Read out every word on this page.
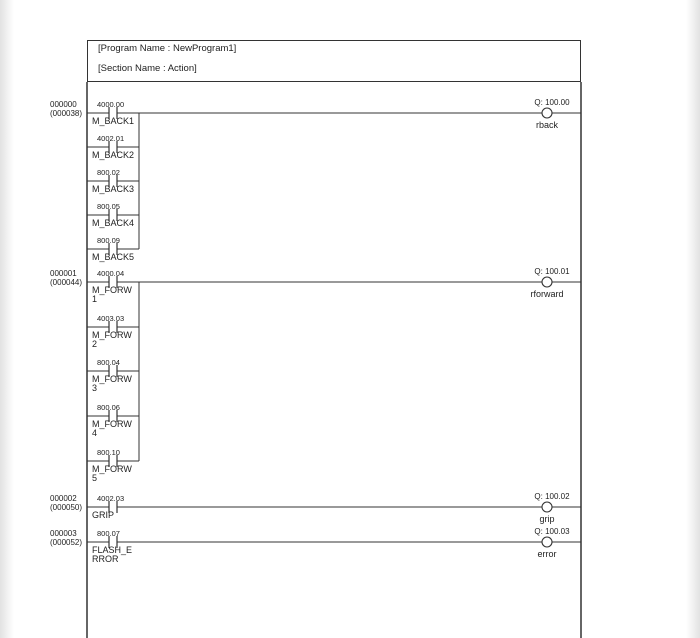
[Program Name : NewProgram1]
[Section Name : Action]
000000
(000038)
4000.00
M_BACK1
4002.01
M_BACK2
800.02
M_BACK3
800.05
M_BACK4
800.09
M_BACK5
Q: 100.00
rback
000001
(000044)
4000.04
M_FORW
1
4003.03
M_FORW
2
800.04
M_FORW
3
800.06
M_FORW
4
800.10
M_FORW
5
Q: 100.01
rforward
000002
(000050)
4002.03
GRIP
Q: 100.02
grip
000003
(000052)
800.07
FLASH_E
RROR
Q: 100.03
error
